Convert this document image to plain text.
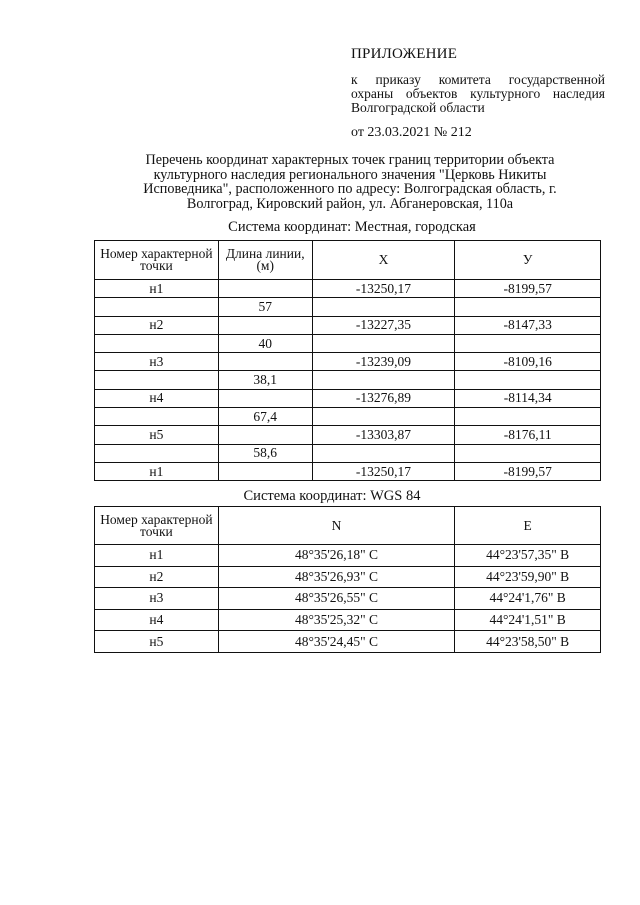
ПРИЛОЖЕНИЕ
к приказу комитета государственной охраны объектов культурного наследия Волгоградской области
от 23.03.2021 № 212
Перечень координат характерных точек границ территории объекта культурного наследия регионального значения "Церковь Никиты Исповедника", расположенного по адресу: Волгоградская область, г. Волгоград, Кировский район, ул. Абганеровская, 110а
Система координат: Местная, городская
Номер характерной точки	Длина линии, (м)	X	У
н1		-13250,17	-8199,57
	57		
н2		-13227,35	-8147,33
	40		
н3		-13239,09	-8109,16
	38,1		
н4		-13276,89	-8114,34
	67,4		
н5		-13303,87	-8176,11
	58,6		
н1		-13250,17	-8199,57
Система координат: WGS 84
Номер характерной точки	N	E
н1	48°35'26,18" С	44°23'57,35" В
н2	48°35'26,93" С	44°23'59,90" В
н3	48°35'26,55" С	44°24'1,76" В
н4	48°35'25,32" С	44°24'1,51" В
н5	48°35'24,45" С	44°23'58,50" В
